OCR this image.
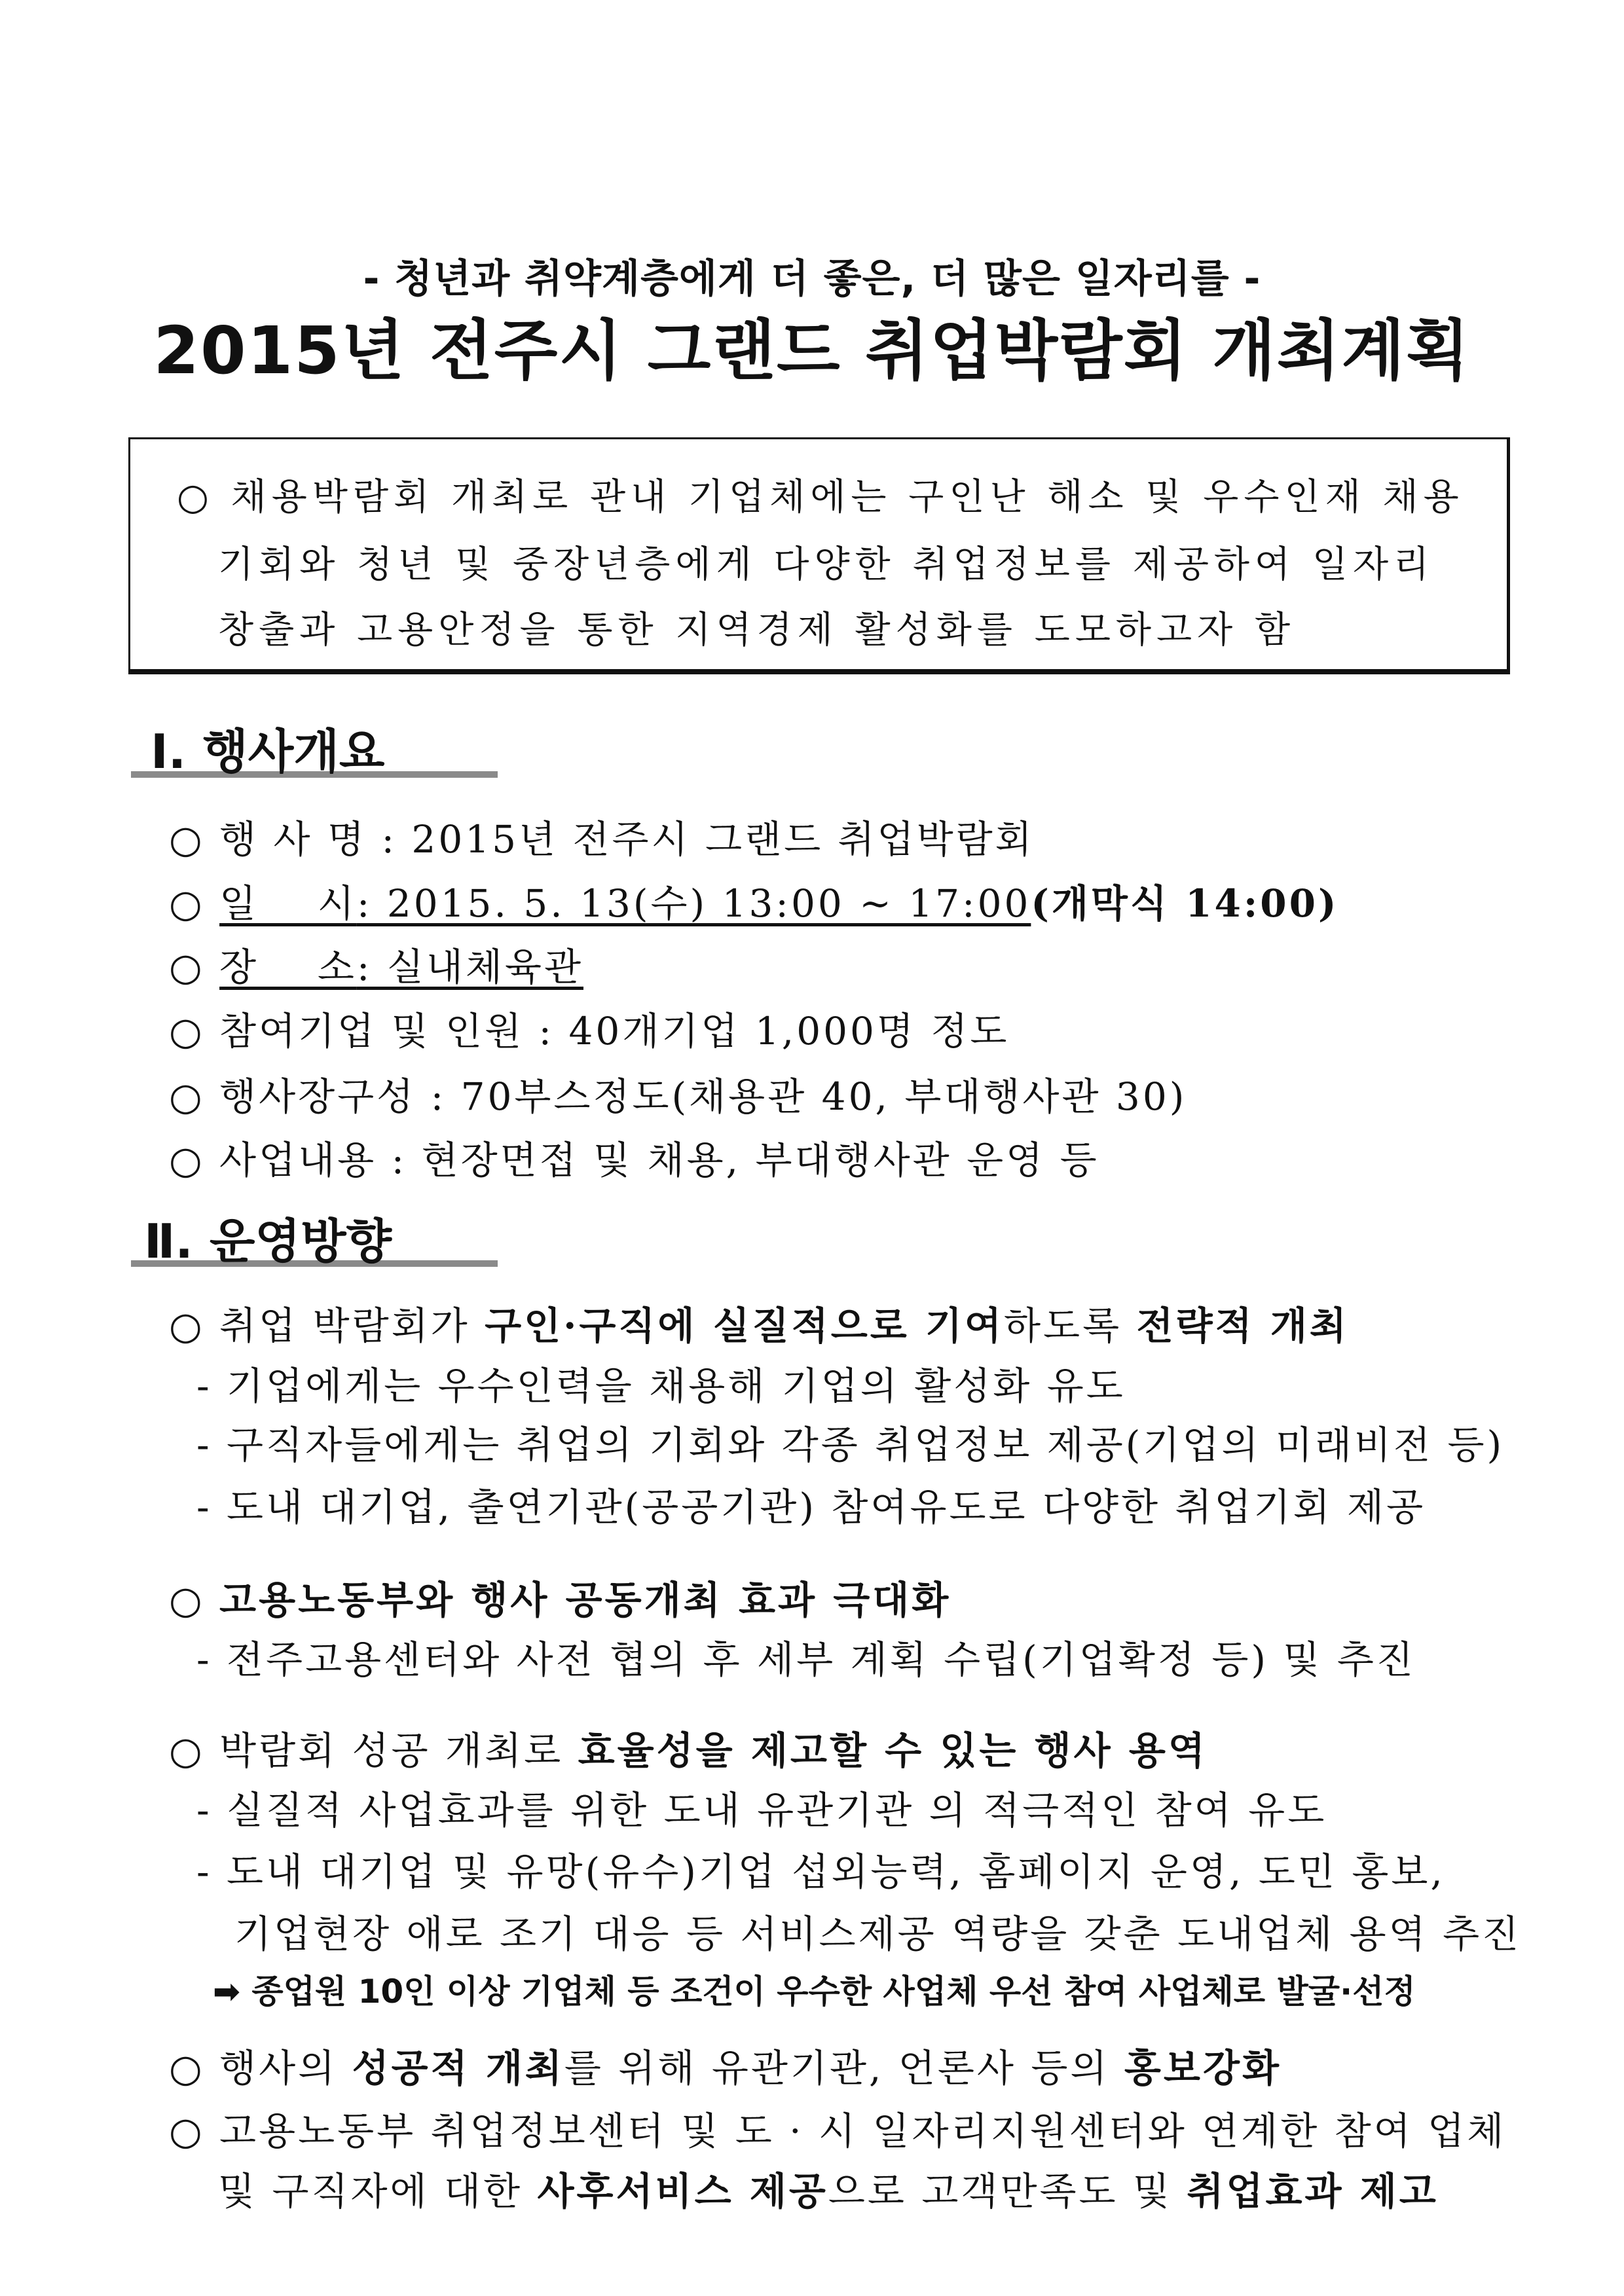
- 청년과 취약계층에게 더 좋은, 더 많은 일자리를 -
2015년 전주시 그랜드 취업박람회 개최계획
○ 채용박람회 개최로 관내 기업체에는 구인난 해소 및 우수인재 채용
기회와 청년 및 중장년층에게 다양한 취업정보를 제공하여 일자리
창출과 고용안정을 통한 지역경제 활성화를 도모하고자 함
Ⅰ. 행사개요
○ 행 사 명 : 2015년 전주시 그랜드 취업박람회
○ 일    시: 2015. 5. 13(수) 13:00 ~ 17:00(개막식 14:00)
○ 장    소: 실내체육관
○ 참여기업 및 인원 : 40개기업 1,000명 정도
○ 행사장구성 : 70부스정도(채용관 40, 부대행사관 30)
○ 사업내용 : 현장면접 및 채용, 부대행사관 운영 등
Ⅱ. 운영방향
○ 취업 박람회가 구인·구직에 실질적으로 기여하도록 전략적 개최
- 기업에게는 우수인력을 채용해 기업의 활성화 유도
- 구직자들에게는 취업의 기회와 각종 취업정보 제공(기업의 미래비전 등)
- 도내 대기업, 출연기관(공공기관) 참여유도로 다양한 취업기회 제공
○ 고용노동부와 행사 공동개최 효과 극대화
- 전주고용센터와 사전 협의 후 세부 계획 수립(기업확정 등) 및 추진
○ 박람회 성공 개최로 효율성을 제고할 수 있는 행사 용역
- 실질적 사업효과를 위한 도내 유관기관 의 적극적인 참여 유도
- 도내 대기업 및 유망(유수)기업 섭외능력, 홈페이지 운영, 도민 홍보,
기업현장 애로 조기 대응 등 서비스제공 역량을 갖춘 도내업체 용역 추진
➡ 종업원 10인 이상 기업체 등 조건이 우수한 사업체 우선 참여 사업체로 발굴·선정
○ 행사의 성공적 개최를 위해 유관기관, 언론사 등의 홍보강화
○ 고용노동부 취업정보센터 및 도 · 시 일자리지원센터와 연계한 참여 업체
및 구직자에 대한 사후서비스 제공으로 고객만족도 및 취업효과 제고
